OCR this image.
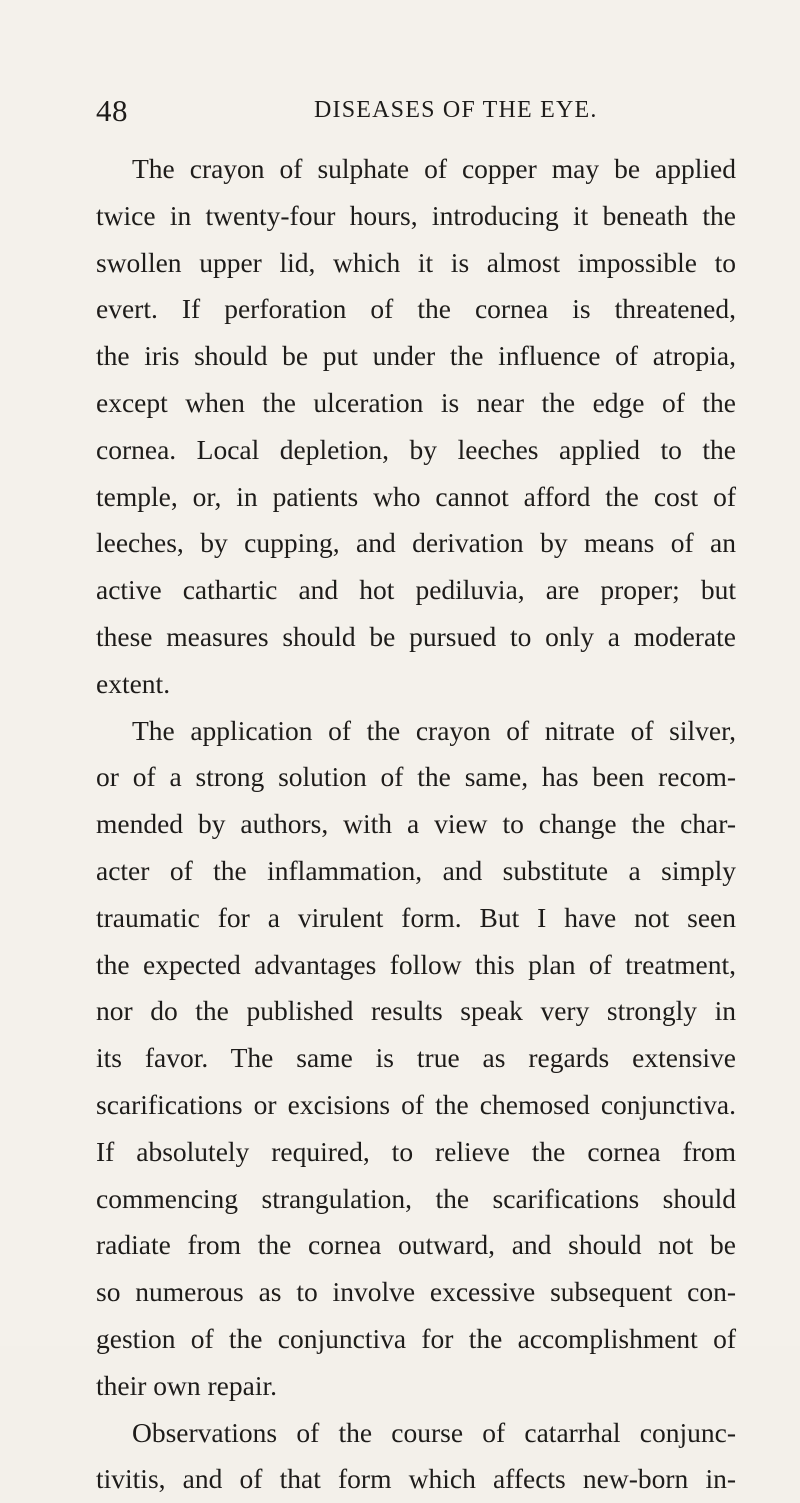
48	DISEASES OF THE EYE.
The crayon of sulphate of copper may be applied
twice in twenty-four hours, introducing it beneath the
swollen upper lid, which it is almost impossible to
evert. If perforation of the cornea is threatened,
the iris should be put under the influence of atropia,
except when the ulceration is near the edge of the
cornea. Local depletion, by leeches applied to the
temple, or, in patients who cannot afford the cost of
leeches, by cupping, and derivation by means of an
active cathartic and hot pediluvia, are proper; but
these measures should be pursued to only a moderate
extent.
The application of the crayon of nitrate of silver,
or of a strong solution of the same, has been recom-
mended by authors, with a view to change the char-
acter of the inflammation, and substitute a simply
traumatic for a virulent form. But I have not seen
the expected advantages follow this plan of treatment,
nor do the published results speak very strongly in
its favor. The same is true as regards extensive
scarifications or excisions of the chemosed conjunctiva.
If absolutely required, to relieve the cornea from
commencing strangulation, the scarifications should
radiate from the cornea outward, and should not be
so numerous as to involve excessive subsequent con-
gestion of the conjunctiva for the accomplishment of
their own repair.
Observations of the course of catarrhal conjunc-
tivitis, and of that form which affects new-born in-
